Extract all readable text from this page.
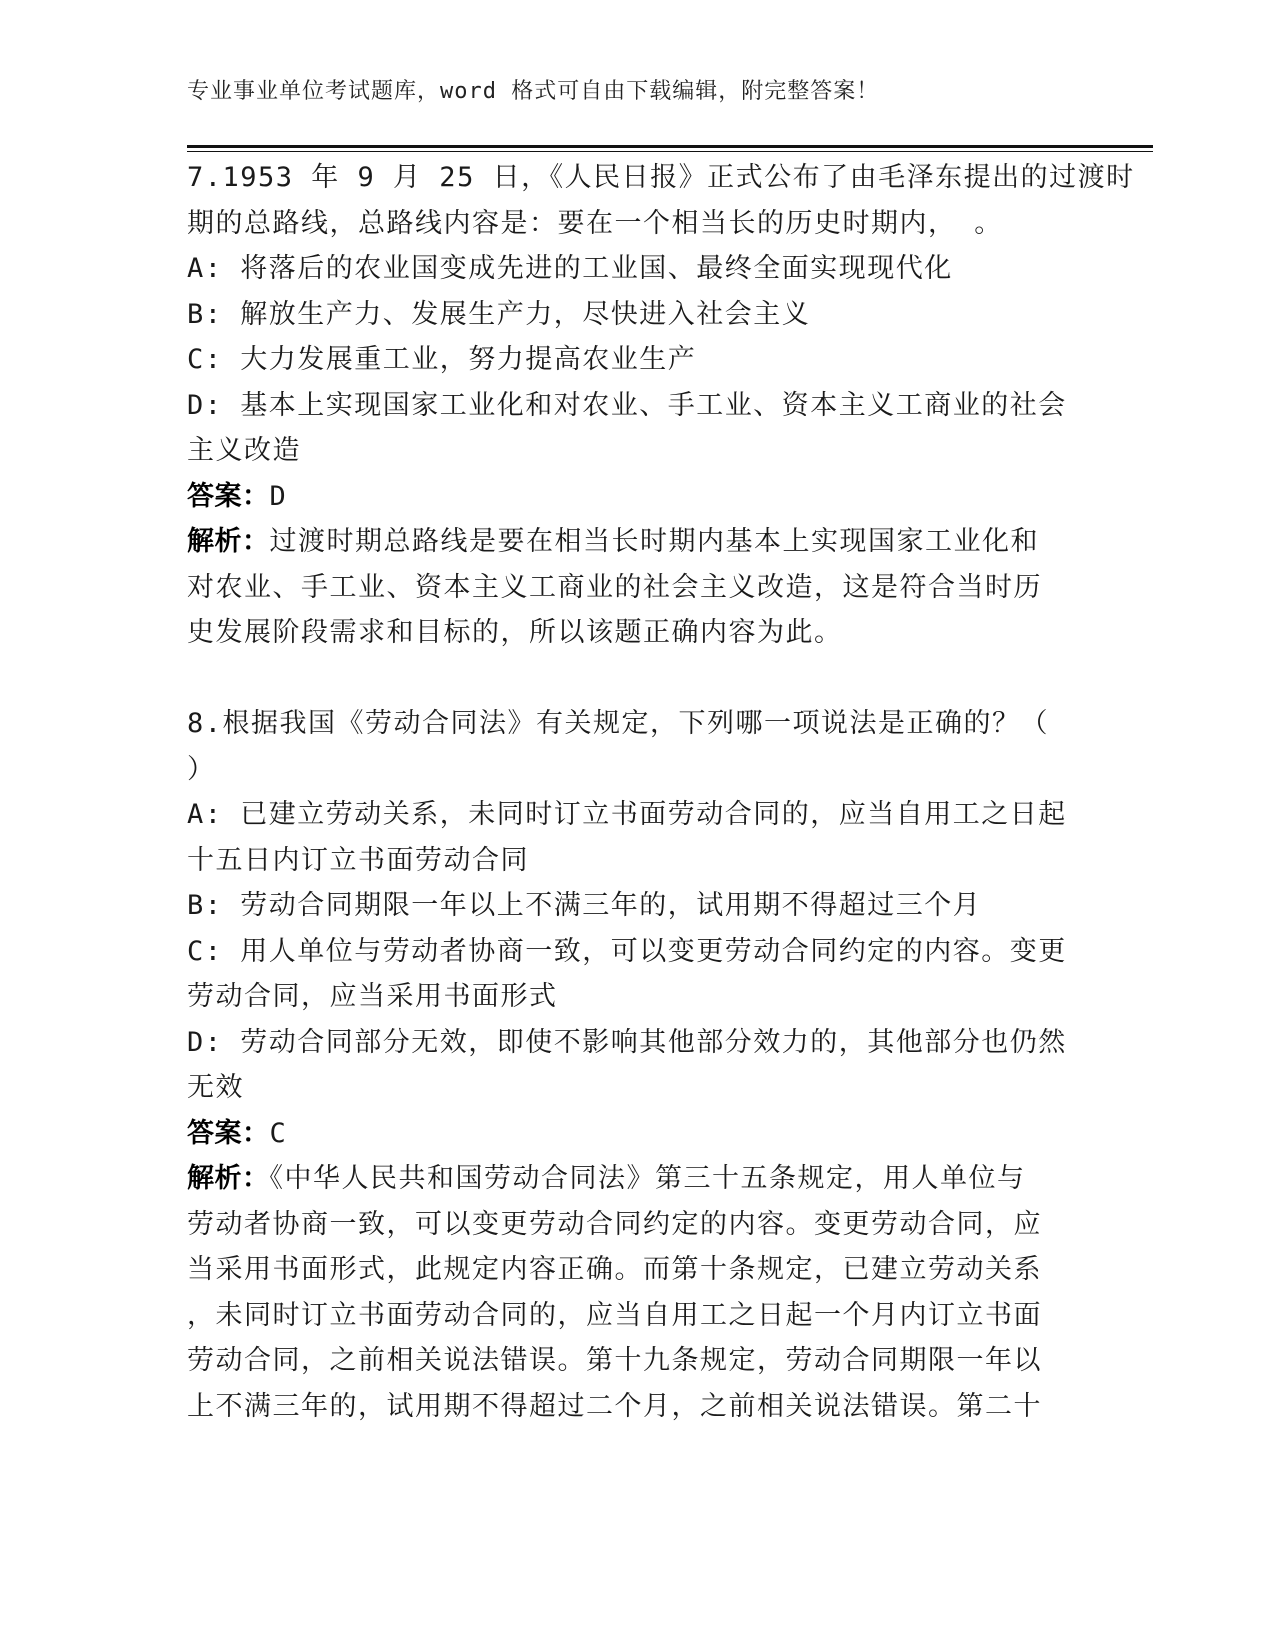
专业事业单位考试题库，word 格式可自由下载编辑，附完整答案！
7.1953 年 9 月 25 日，《人民日报》正式公布了由毛泽东提出的过渡时
期的总路线，总路线内容是：要在一个相当长的历史时期内， 。
A: 将落后的农业国变成先进的工业国、最终全面实现现代化
B: 解放生产力、发展生产力，尽快进入社会主义
C: 大力发展重工业，努力提高农业生产
D: 基本上实现国家工业化和对农业、手工业、资本主义工商业的社会
主义改造
答案：D
解析：过渡时期总路线是要在相当长时期内基本上实现国家工业化和
对农业、手工业、资本主义工商业的社会主义改造，这是符合当时历
史发展阶段需求和目标的，所以该题正确内容为此。
8.根据我国《劳动合同法》有关规定，下列哪一项说法是正确的？（
）
A: 已建立劳动关系，未同时订立书面劳动合同的，应当自用工之日起
十五日内订立书面劳动合同
B: 劳动合同期限一年以上不满三年的，试用期不得超过三个月
C: 用人单位与劳动者协商一致，可以变更劳动合同约定的内容。变更
劳动合同，应当采用书面形式
D: 劳动合同部分无效，即使不影响其他部分效力的，其他部分也仍然
无效
答案：C
解析：《中华人民共和国劳动合同法》第三十五条规定，用人单位与
劳动者协商一致，可以变更劳动合同约定的内容。变更劳动合同，应
当采用书面形式，此规定内容正确。而第十条规定，已建立劳动关系
，未同时订立书面劳动合同的，应当自用工之日起一个月内订立书面
劳动合同，之前相关说法错误。第十九条规定，劳动合同期限一年以
上不满三年的，试用期不得超过二个月，之前相关说法错误。第二十
